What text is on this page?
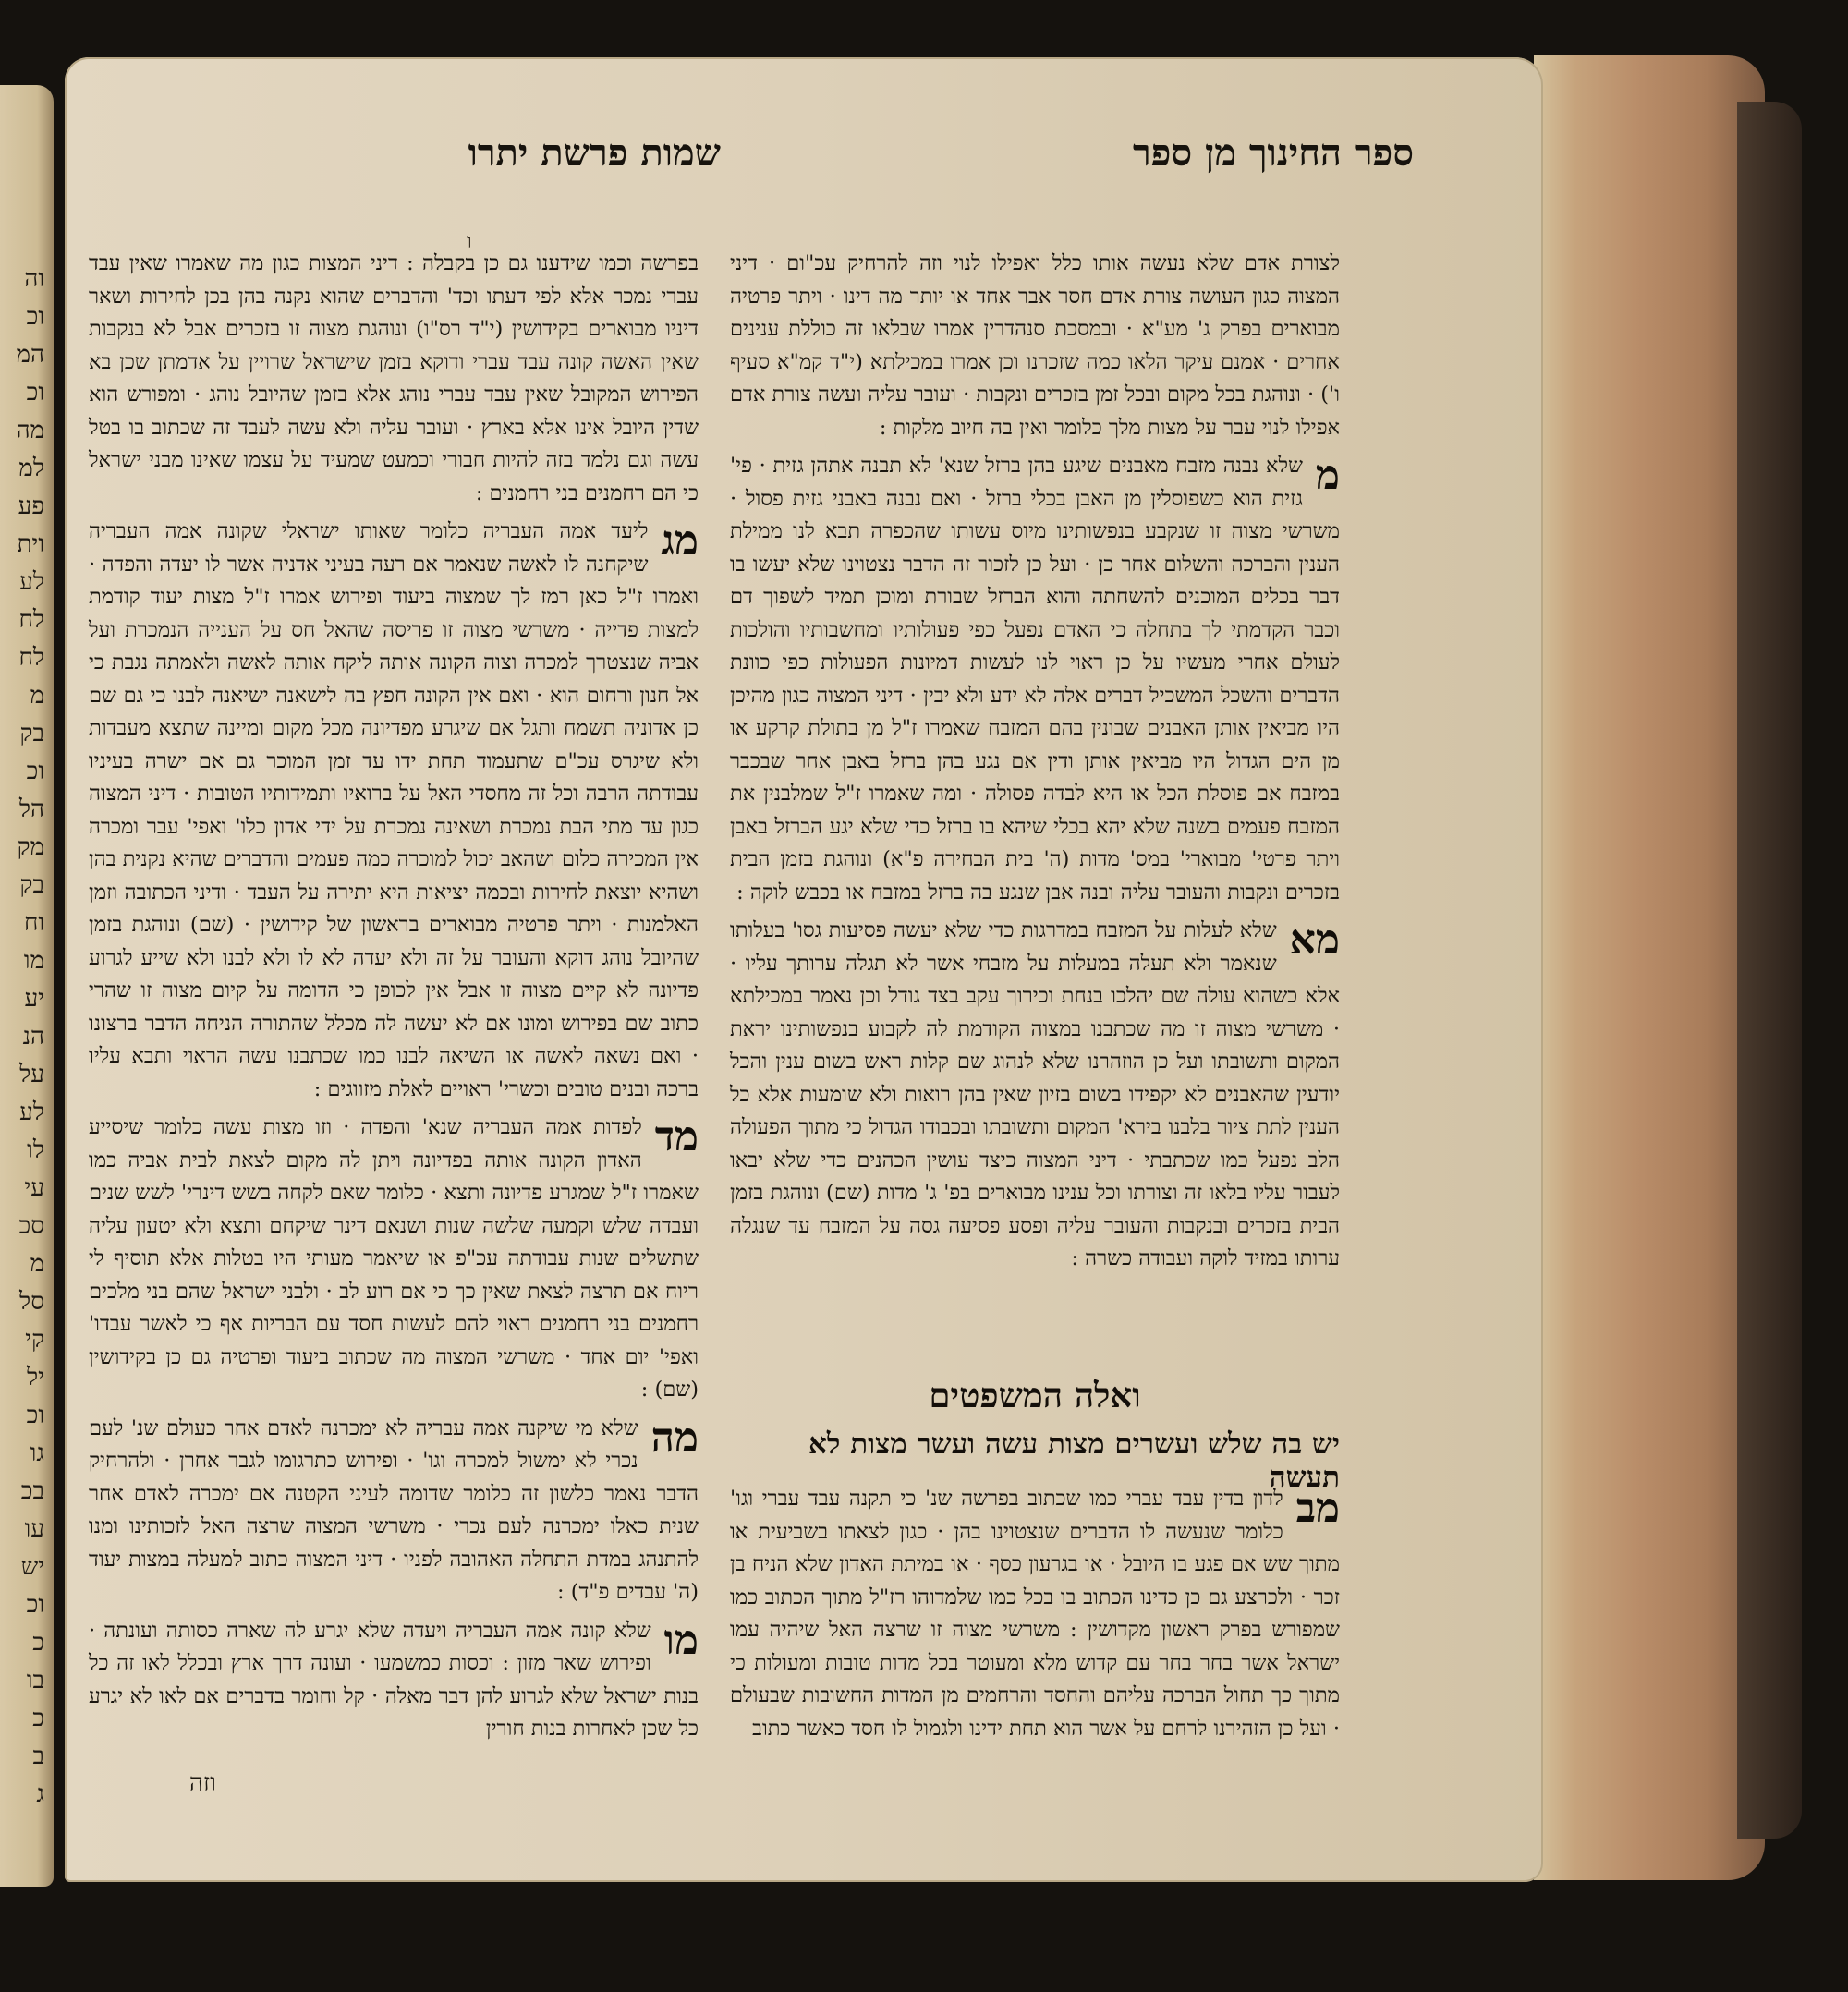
וה
וכ
המ
וכ
מה
למ
פע
וית
לע
לח
לח
מ
בק
וכ
הל
מק
בק
וח
מו
יע
הנ
על
לע
לו
עי
סכ
מ
סל
קי
יל
וכ
גו
בכ
עו
יש
וכ
כ
בו
כ
ב
ג
ספר החינוך מן ספר
שמות פרשת יתרו
ו

לצורת אדם שלא נעשה אותו כלל ואפילו לנוי וזה להרחיק עכ"ום · דיני המצוה כגון העושה צורת אדם חסר אבר אחד או יותר מה דינו · ויתר פרטיה מבוארים בפרק ג' מע"א · ובמסכת סנהדרין אמרו שבלאו זה כוללת ענינים אחרים · אמנם עיקר הלאו כמה שזכרנו וכן אמרו במכילתא (י"ד קמ"א סעיף ו') · ונוהגת בכל מקום ובכל זמן בזכרים ונקבות · ועובר עליה ועשה צורת אדם אפילו לנוי עבר על מצות מלך כלומר ואין בה חיוב מלקות :

מ
שלא נבנה מזבח מאבנים שיגע בהן ברזל שנא' לא תבנה אתהן גזית · פי' גזית הוא כשפוסלין מן האבן בכלי ברזל · ואם נבנה באבני גזית פסול · משרשי מצוה זו שנקבע בנפשותינו מיוס עשותו שהכפרה תבא לנו ממילת הענין והברכה והשלום אחר כן · ועל כן לזכור זה הדבר נצטוינו שלא יעשו בו דבר בכלים המוכנים להשחתה והוא הברזל שבורת ומוכן תמיד לשפוך דם וכבר הקדמתי לך בתחלה כי האדם נפעל כפי פעולותיו ומחשבותיו והולכות לעולם אחרי מעשיו על כן ראוי לנו לעשות דמיונות הפעולות כפי כוונת הדברים והשכל המשכיל דברים אלה לא ידע ולא יבין · דיני המצוה כגון מהיכן היו מביאין אותן האבנים שבונין בהם המזבח שאמרו ז"ל מן בתולת קרקע או מן הים הגדול היו מביאין אותן ודין אם נגע בהן ברזל באבן אחר שבכבר במזבח אם פוסלת הכל או היא לבדה פסולה · ומה שאמרו ז"ל שמלבנין את המזבח פעמים בשנה שלא יהא בכלי שיהא בו ברזל כדי שלא יגע הברזל באבן ויתר פרטי' מבוארי' במס' מדות (ה' בית הבחירה פ"א) ונוהגת בזמן הבית בזכרים ונקבות והעובר עליה ובנה אבן שנגע בה ברזל במזבח או בכבש לוקה :

מא
שלא לעלות על המזבח במדרגות כדי שלא יעשה פסיעות גסו' בעלותו שנאמר ולא תעלה במעלות על מזבחי אשר לא תגלה ערותך עליו · אלא כשהוא עולה שם יהלכו בנחת וכירוך עקב בצד גודל וכן נאמר במכילתא · משרשי מצוה זו מה שכתבנו במצוה הקודמת לה לקבוע בנפשותינו יראת המקום ותשובתו ועל כן הוזהרנו שלא לנהוג שם קלות ראש בשום ענין והכל יודעין שהאבנים לא יקפידו בשום בזיון שאין בהן רואות ולא שומעות אלא כל הענין לתת ציור בלבנו בירא' המקום ותשובתו ובכבודו הגדול כי מתוך הפעולה הלב נפעל כמו שכתבתי · דיני המצוה כיצד עושין הכהנים כדי שלא יבאו לעבור עליו בלאו זה וצורתו וכל ענינו מבוארים בפ' ג' מדות (שם) ונוהגת בזמן הבית בזכרים ובנקבות והעובר עליה ופסע פסיעה גסה על המזבח עד שנגלה ערותו במזיד לוקה ועבודה כשרה :

ואלה המשפטים
יש בה שלש ועשרים מצות עשה ועשר מצות לא תעשה

מב
לדון בדין עבד עברי כמו שכתוב בפרשה שנ' כי תקנה עבד עברי וגו' כלומר שנעשה לו הדברים שנצטוינו בהן · כגון לצאתו בשביעית או מתוך שש אם פגע בו היובל · או בגרעון כסף · או במיתת האדון שלא הניח בן זכר · ולכרצע גם כן כדינו הכתוב בו בכל כמו שלמדוהו רז"ל מתוך הכתוב כמו שמפורש בפרק ראשון מקדושין : משרשי מצוה זו שרצה האל שיהיה עמו ישראל אשר בחר בחר עם קדוש מלא ומעוטר בכל מדות טובות ומעולות כי מתוך כך תחול הברכה עליהם והחסד והרחמים מן המדות החשובות שבעולם · ועל כן הזהירנו לרחם על אשר הוא תחת ידינו ולגמול לו חסד כאשר כתוב

בפרשה וכמו שידענו גם כן בקבלה : דיני המצות כגון מה שאמרו שאין עבד עברי נמכר אלא לפי דעתו וכד' והדברים שהוא נקנה בהן בכן לחירות ושאר דיניו מבוארים בקידושין (י"ד רס"ו) ונוהגת מצוה זו בזכרים אבל לא בנקבות שאין האשה קונה עבד עברי ודוקא בזמן שישראל שרויין על אדמתן שכן בא הפירוש המקובל שאין עבד עברי נוהג אלא בזמן שהיובל נוהג · ומפורש הוא שדין היובל אינו אלא בארץ · ועובר עליה ולא עשה לעבד זה שכתוב בו בטל עשה וגם נלמד בזה להיות חבורי וכמעט שמעיד על עצמו שאינו מבני ישראל כי הם רחמנים בני רחמנים :

מג
ליעד אמה העבריה כלומר שאותו ישראלי שקונה אמה העבריה שיקחנה לו לאשה שנאמר אם רעה בעיני אדניה אשר לו יעדה והפדה · ואמרו ז"ל כאן רמז לך שמצוה ביעוד ופירוש אמרו ז"ל מצות יעוד קודמת למצות פדייה · משרשי מצוה זו פריסה שהאל חס על הענייה הנמכרת ועל אביה שנצטרך למכרה וצוה הקונה אותה ליקח אותה לאשה ולאמתה נגבת כי אל חנון ורחום הוא · ואם אין הקונה חפץ בה לישאנה ישיאנה לבנו כי גם שם כן אדוניה תשמח ותגל אם שיגרע מפדיונה מכל מקום ומיינה שתצא מעבדות ולא שיגרס עכ"ם שתעמוד תחת ידו עד זמן המוכר גם אם ישרה בעיניו עבודתה הרבה וכל זה מחסדי האל על ברואיו ותמידותיו הטובות · דיני המצוה כגון עד מתי הבת נמכרת ושאינה נמכרת על ידי אדון כלו' ואפי' עבר ומכרה אין המכירה כלום ושהאב יכול למוכרה כמה פעמים והדברים שהיא נקנית בהן ושהיא יוצאת לחירות ובכמה יציאות היא יתירה על העבד · ודיני הכתובה וזמן האלמנות · ויתר פרטיה מבוארים בראשון של קידושין · (שם) ונוהגת בזמן שהיובל נוהג דוקא והעובר על זה ולא יעדה לא לו ולא לבנו ולא שייע לגרוע פדיונה לא קיים מצוה זו אבל אין לכופן כי הדומה על קיום מצוה זו שהרי כתוב שם בפירוש ומונו אם לא יעשה לה מכלל שהתורה הניחה הדבר ברצונו · ואם נשאה לאשה או השיאה לבנו כמו שכתבנו עשה הראוי ותבא עליו ברכה ובנים טובים וכשרי' ראויים לאלת מזווגים :

מד
לפדות אמה העבריה שנא' והפדה · וזו מצות עשה כלומר שיסייע האדון הקונה אותה בפדיונה ויתן לה מקום לצאת לבית אביה כמו שאמרו ז"ל שמגרע פדיונה ותצא · כלומר שאם לקחה בשש דינרי' לשש שנים ועבדה שלש וקמעה שלשה שנות ושנאם דינר שיקחם ותצא ולא יטעון עליה שתשלים שנות עבודתה עכ"פ או שיאמר מעותי היו בטלות אלא תוסיף לי ריוח אם תרצה לצאת שאין כך כי אם רוע לב · ולבני ישראל שהם בני מלכים רחמנים בני רחמנים ראוי להם לעשות חסד עם הבריות אף כי לאשר עבדו' ואפי' יום אחד · משרשי המצוה מה שכתוב ביעוד ופרטיה גם כן בקידושין (שם) :

מה
שלא מי שיקנה אמה עבריה לא ימכרנה לאדם אחר כעולם שנ' לעם נכרי לא ימשול למכרה וגו' · ופירוש כתרגומו לגבר אחרן · ולהרחיק הדבר נאמר כלשון זה כלומר שדומה לעיני הקטנה אם ימכרה לאדם אחר שנית כאלו ימכרנה לעם נכרי · משרשי המצוה שרצה האל לזכותינו ומנו להתנהג במדת התחלה האהובה לפניו · דיני המצוה כתוב למעלה במצות יעוד (ה' עבדים פ"ד) :

מו
שלא קונה אמה העבריה ויעדה שלא יגרע לה שארה כסותה ועונתה · ופירוש שאר מזון : וכסות כמשמעו · ועונה דרך ארץ ובכלל לאו זה כל בנות ישראל שלא לגרוע להן דבר מאלה · קל וחומר בדברים אם לאו לא יגרע כל שכן לאחרות בנות חורין

וזה
